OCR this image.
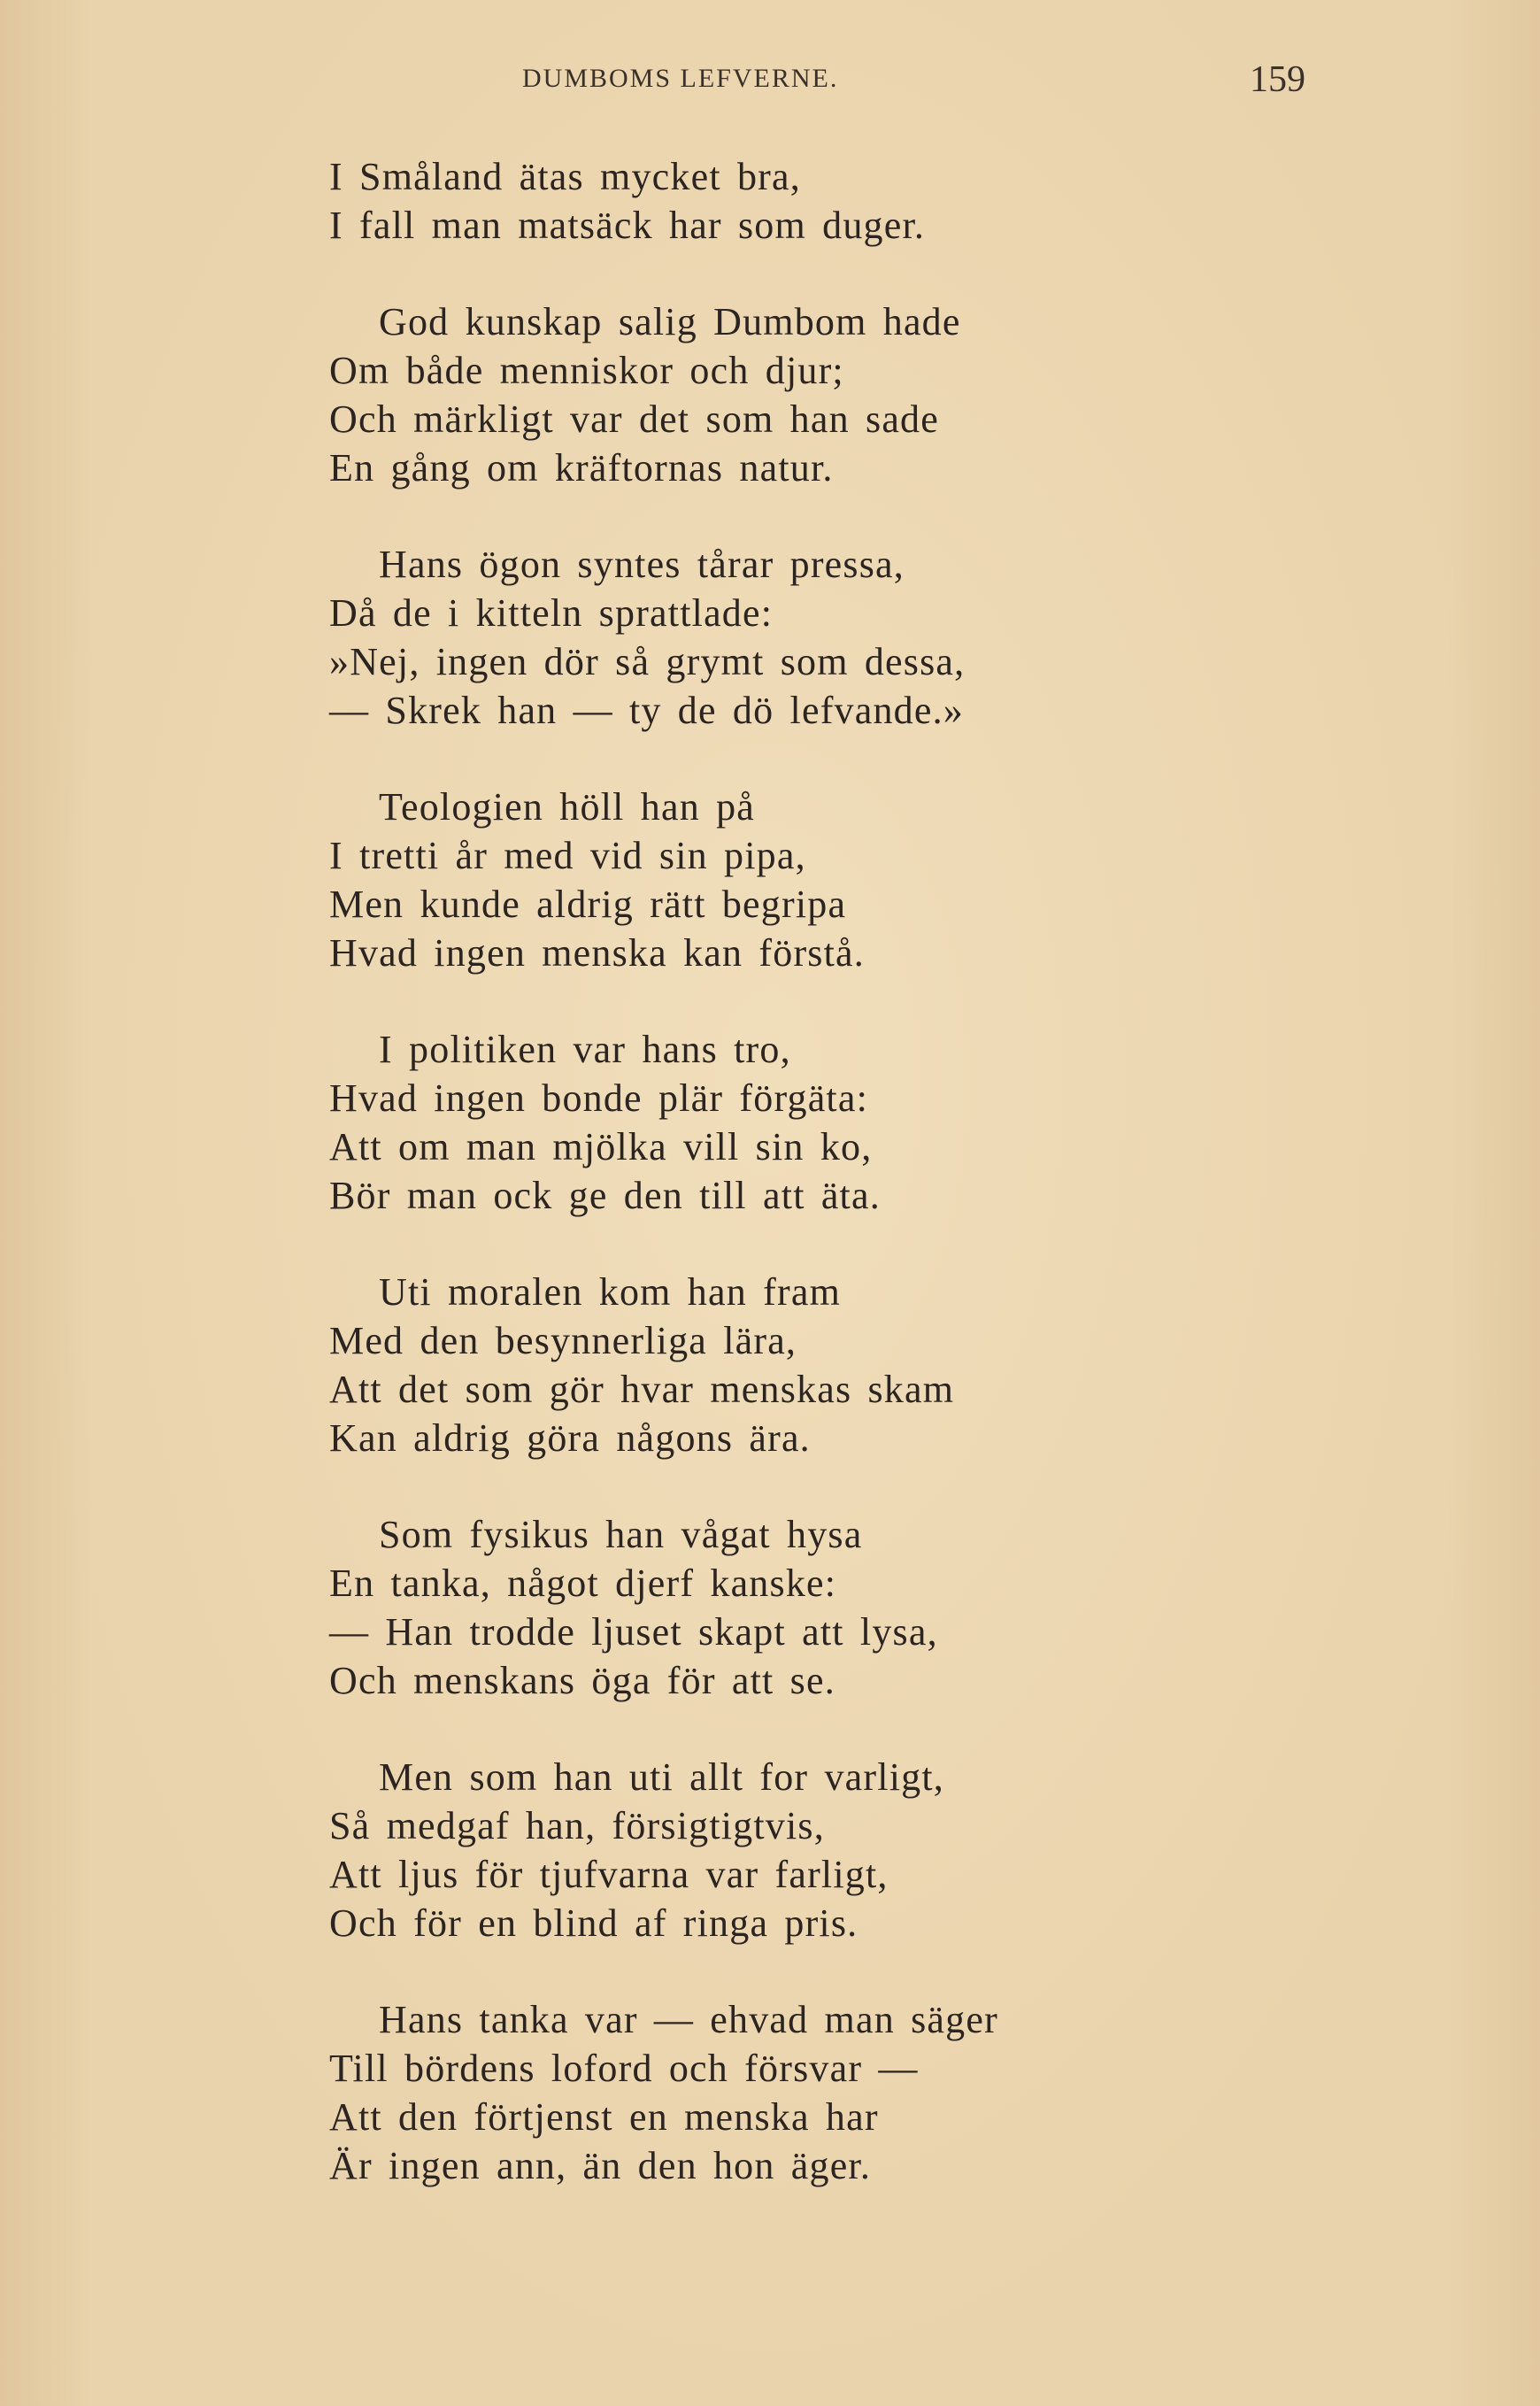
DUMBOMS LEFVERNE.	159
I Småland ätas mycket bra,
I fall man matsäck har som duger.
God kunskap salig Dumbom hade
Om både menniskor och djur;
Och märkligt var det som han sade
En gång om kräftornas natur.
Hans ögon syntes tårar pressa,
Då de i kitteln sprattlade:
»Nej, ingen dör så grymt som dessa,
— Skrek han — ty de dö lefvande.»
Teologien höll han på
I tretti år med vid sin pipa,
Men kunde aldrig rätt begripa
Hvad ingen menska kan förstå.
I politiken var hans tro,
Hvad ingen bonde plär förgäta:
Att om man mjölka vill sin ko,
Bör man ock ge den till att äta.
Uti moralen kom han fram
Med den besynnerliga lära,
Att det som gör hvar menskas skam
Kan aldrig göra någons ära.
Som fysikus han vågat hysa
En tanka, något djerf kanske:
— Han trodde ljuset skapt att lysa,
Och menskans öga för att se.
Men som han uti allt for varligt,
Så medgaf han, försigtigtvis,
Att ljus för tjufvarna var farligt,
Och för en blind af ringa pris.
Hans tanka var — ehvad man säger
Till bördens loford och försvar —
Att den förtjenst en menska har
Är ingen ann, än den hon äger.
